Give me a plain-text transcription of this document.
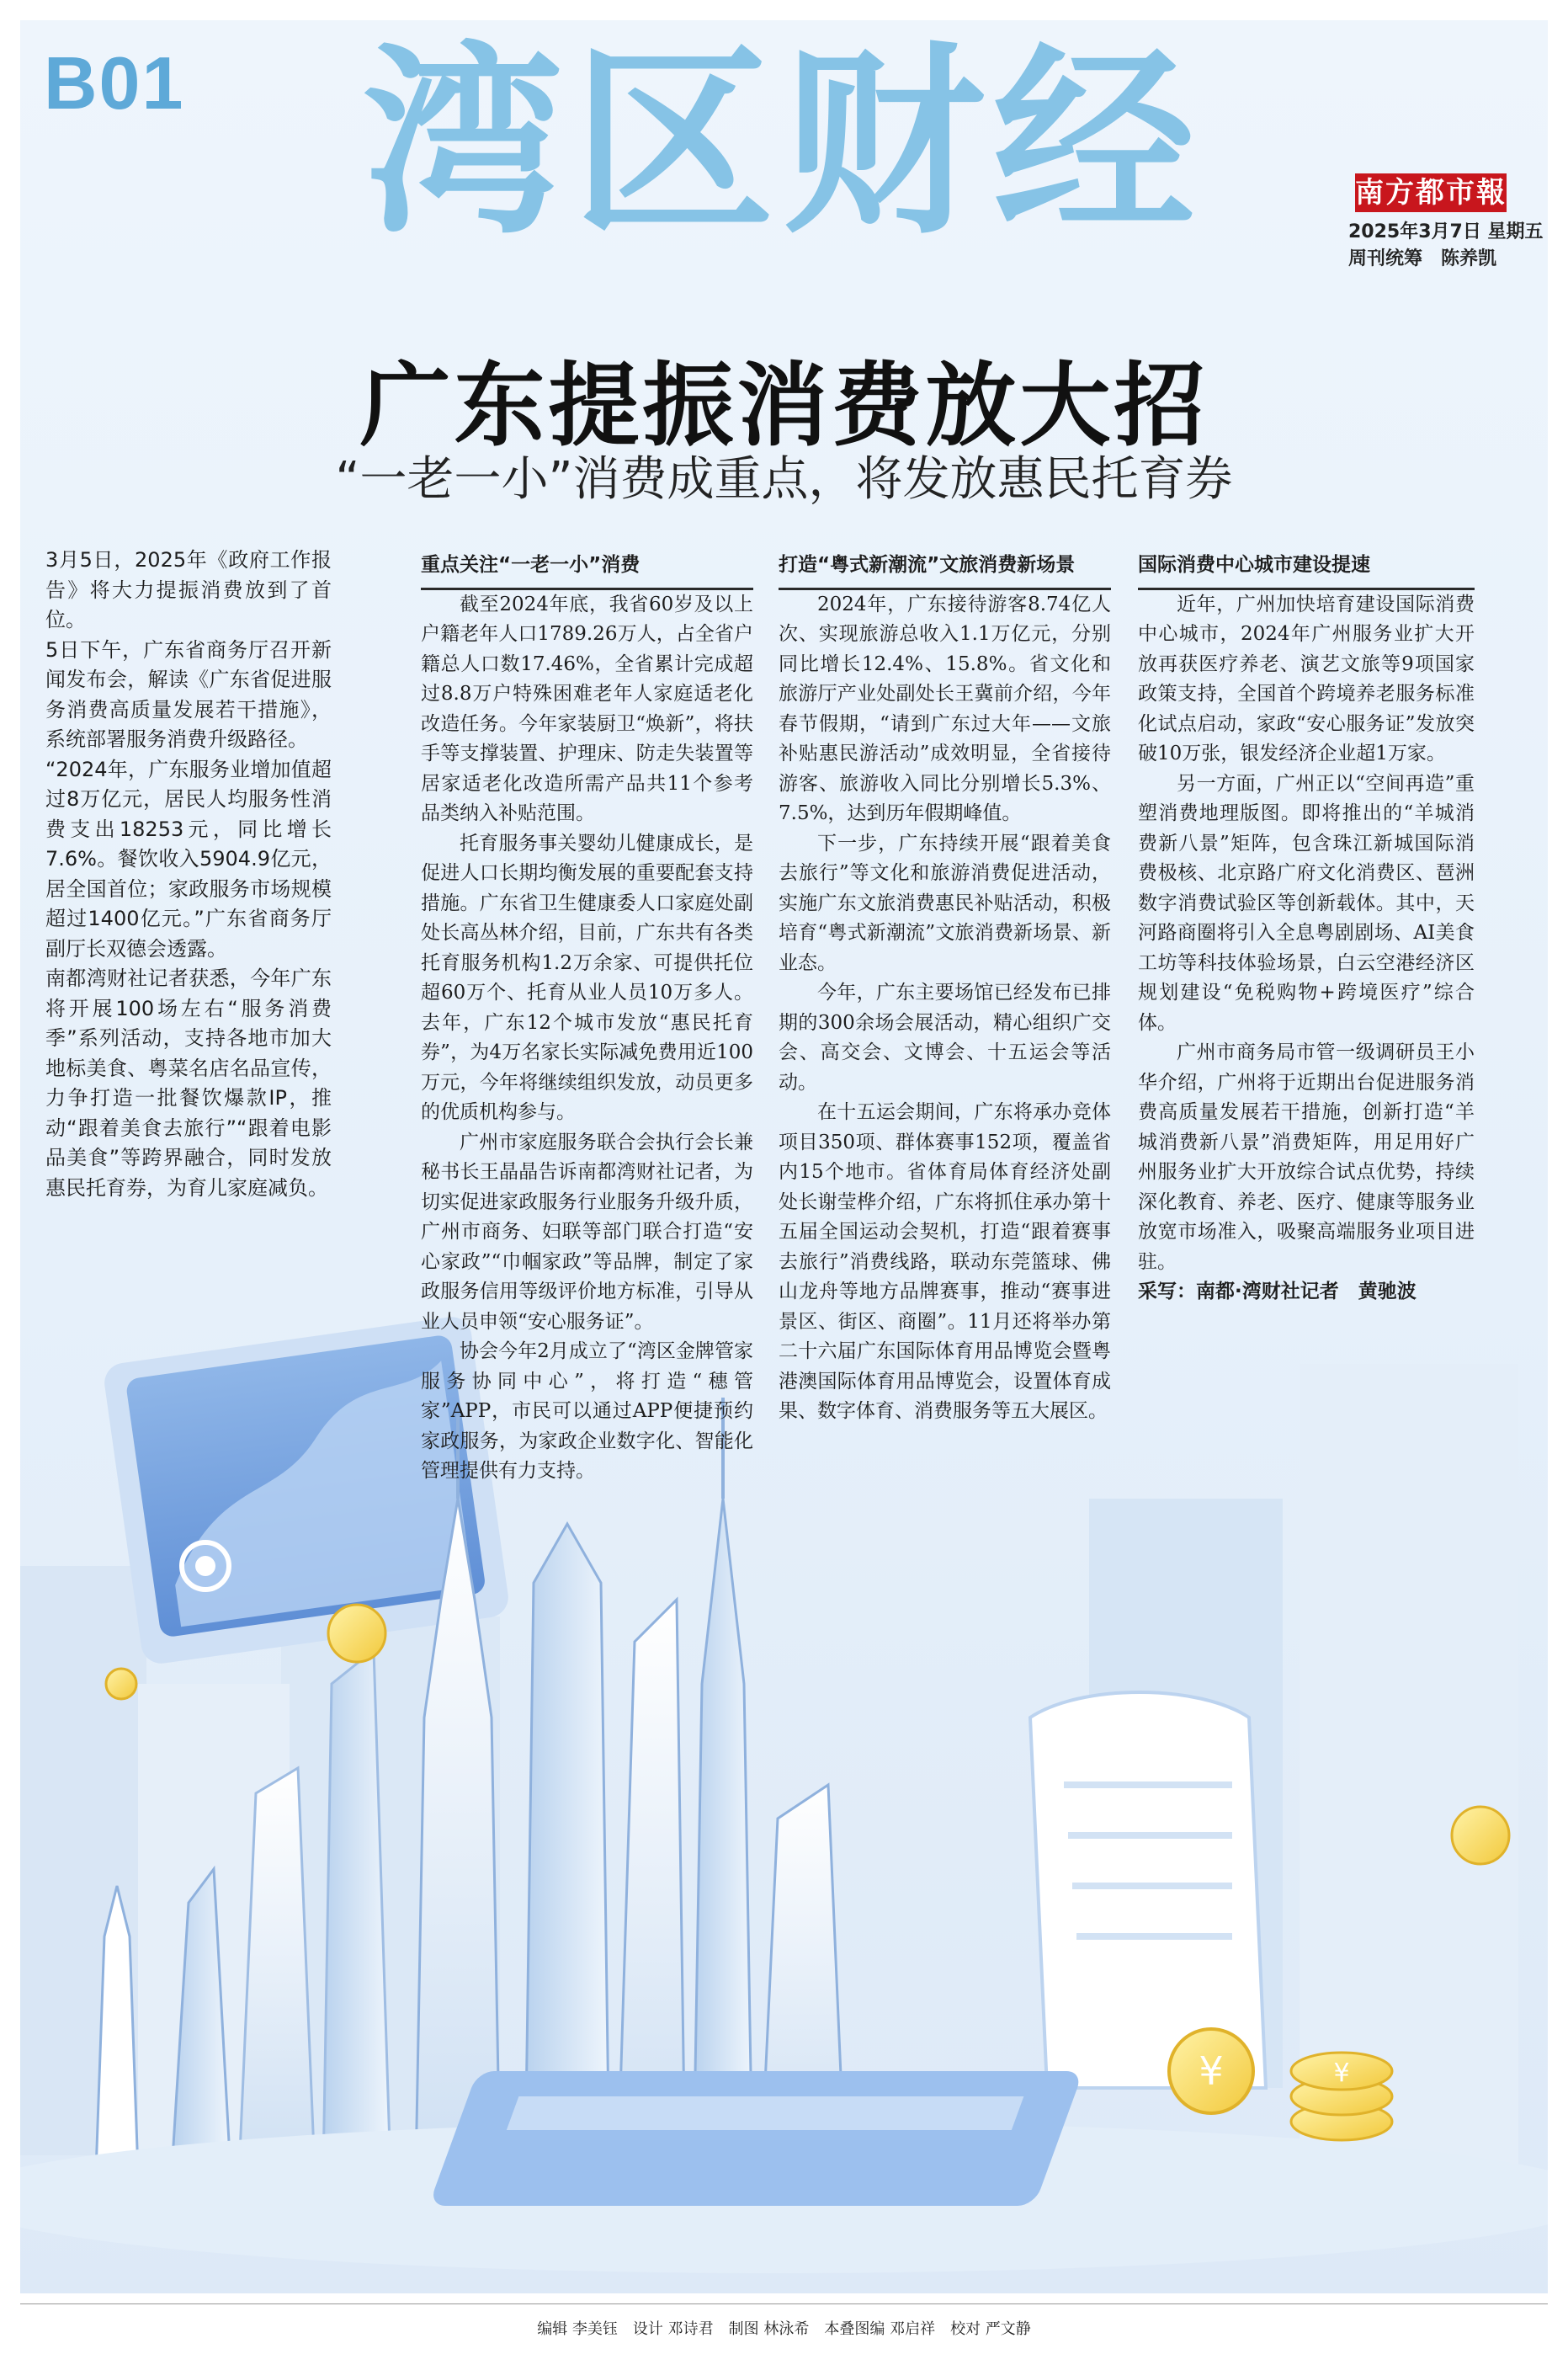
¥	¥
B01 湾区财经	南方都市報
2025年3月7日 星期五
周刊统筹　陈养凯
广东提振消费放大招
“一老一小”消费成重点，将发放惠民托育券

3月5日，2025年《政府工作报告》将大力提振消费放到了首位。

5日下午，广东省商务厅召开新闻发布会，解读《广东省促进服务消费高质量发展若干措施》，系统部署服务消费升级路径。

“2024年，广东服务业增加值超过8万亿元，居民人均服务性消费支出18253元，同比增长7.6%。餐饮收入5904.9亿元，居全国首位；家政服务市场规模超过1400亿元。”广东省商务厅副厅长双德会透露。

南都湾财社记者获悉，今年广东将开展100场左右“服务消费季”系列活动，支持各地市加大地标美食、粤菜名店名品宣传，力争打造一批餐饮爆款IP，推动“跟着美食去旅行”“跟着电影品美食”等跨界融合，同时发放惠民托育券，为育儿家庭减负。

重点关注“一老一小”消费

截至2024年底，我省60岁及以上户籍老年人口1789.26万人，占全省户籍总人口数17.46%，全省累计完成超过8.8万户特殊困难老年人家庭适老化改造任务。今年家装厨卫“焕新”，将扶手等支撑装置、护理床、防走失装置等居家适老化改造所需产品共11个参考品类纳入补贴范围。

托育服务事关婴幼儿健康成长，是促进人口长期均衡发展的重要配套支持措施。广东省卫生健康委人口家庭处副处长高丛林介绍，目前，广东共有各类托育服务机构1.2万余家、可提供托位超60万个、托育从业人员10万多人。去年，广东12个城市发放“惠民托育券”，为4万名家长实际减免费用近100万元，今年将继续组织发放，动员更多的优质机构参与。

广州市家庭服务联合会执行会长兼秘书长王晶晶告诉南都湾财社记者，为切实促进家政服务行业服务升级升质，广州市商务、妇联等部门联合打造“安心家政”“巾帼家政”等品牌，制定了家政服务信用等级评价地方标准，引导从业人员申领“安心服务证”。

协会今年2月成立了“湾区金牌管家服务协同中心”，将打造“穗管家”APP，市民可以通过APP便捷预约家政服务，为家政企业数字化、智能化管理提供有力支持。

打造“粤式新潮流”文旅消费新场景

2024年，广东接待游客8.74亿人次、实现旅游总收入1.1万亿元，分别同比增长12.4%、15.8%。省文化和旅游厅产业处副处长王冀前介绍，今年春节假期，“请到广东过大年——文旅补贴惠民游活动”成效明显，全省接待游客、旅游收入同比分别增长5.3%、7.5%，达到历年假期峰值。

下一步，广东持续开展“跟着美食去旅行”等文化和旅游消费促进活动，实施广东文旅消费惠民补贴活动，积极培育“粤式新潮流”文旅消费新场景、新业态。

今年，广东主要场馆已经发布已排期的300余场会展活动，精心组织广交会、高交会、文博会、十五运会等活动。

在十五运会期间，广东将承办竞体项目350项、群体赛事152项，覆盖省内15个地市。省体育局体育经济处副处长谢莹桦介绍，广东将抓住承办第十五届全国运动会契机，打造“跟着赛事去旅行”消费线路，联动东莞篮球、佛山龙舟等地方品牌赛事，推动“赛事进景区、街区、商圈”。11月还将举办第二十六届广东国际体育用品博览会暨粤港澳国际体育用品博览会，设置体育成果、数字体育、消费服务等五大展区。

国际消费中心城市建设提速

近年，广州加快培育建设国际消费中心城市，2024年广州服务业扩大开放再获医疗养老、演艺文旅等9项国家政策支持，全国首个跨境养老服务标准化试点启动，家政“安心服务证”发放突破10万张，银发经济企业超1万家。

另一方面，广州正以“空间再造”重塑消费地理版图。即将推出的“羊城消费新八景”矩阵，包含珠江新城国际消费极核、北京路广府文化消费区、琶洲数字消费试验区等创新载体。其中，天河路商圈将引入全息粤剧剧场、AI美食工坊等科技体验场景，白云空港经济区规划建设“免税购物+跨境医疗”综合体。

广州市商务局市管一级调研员王小华介绍，广州将于近期出台促进服务消费高质量发展若干措施，创新打造“羊城消费新八景”消费矩阵，用足用好广州服务业扩大开放综合试点优势，持续深化教育、养老、医疗、健康等服务业放宽市场准入，吸聚高端服务业项目进驻。

采写：南都·湾财社记者　黄驰波

编辑 李美钰　设计 邓诗君　制图 林泳希　本叠图编 邓启祥　校对 严文静
